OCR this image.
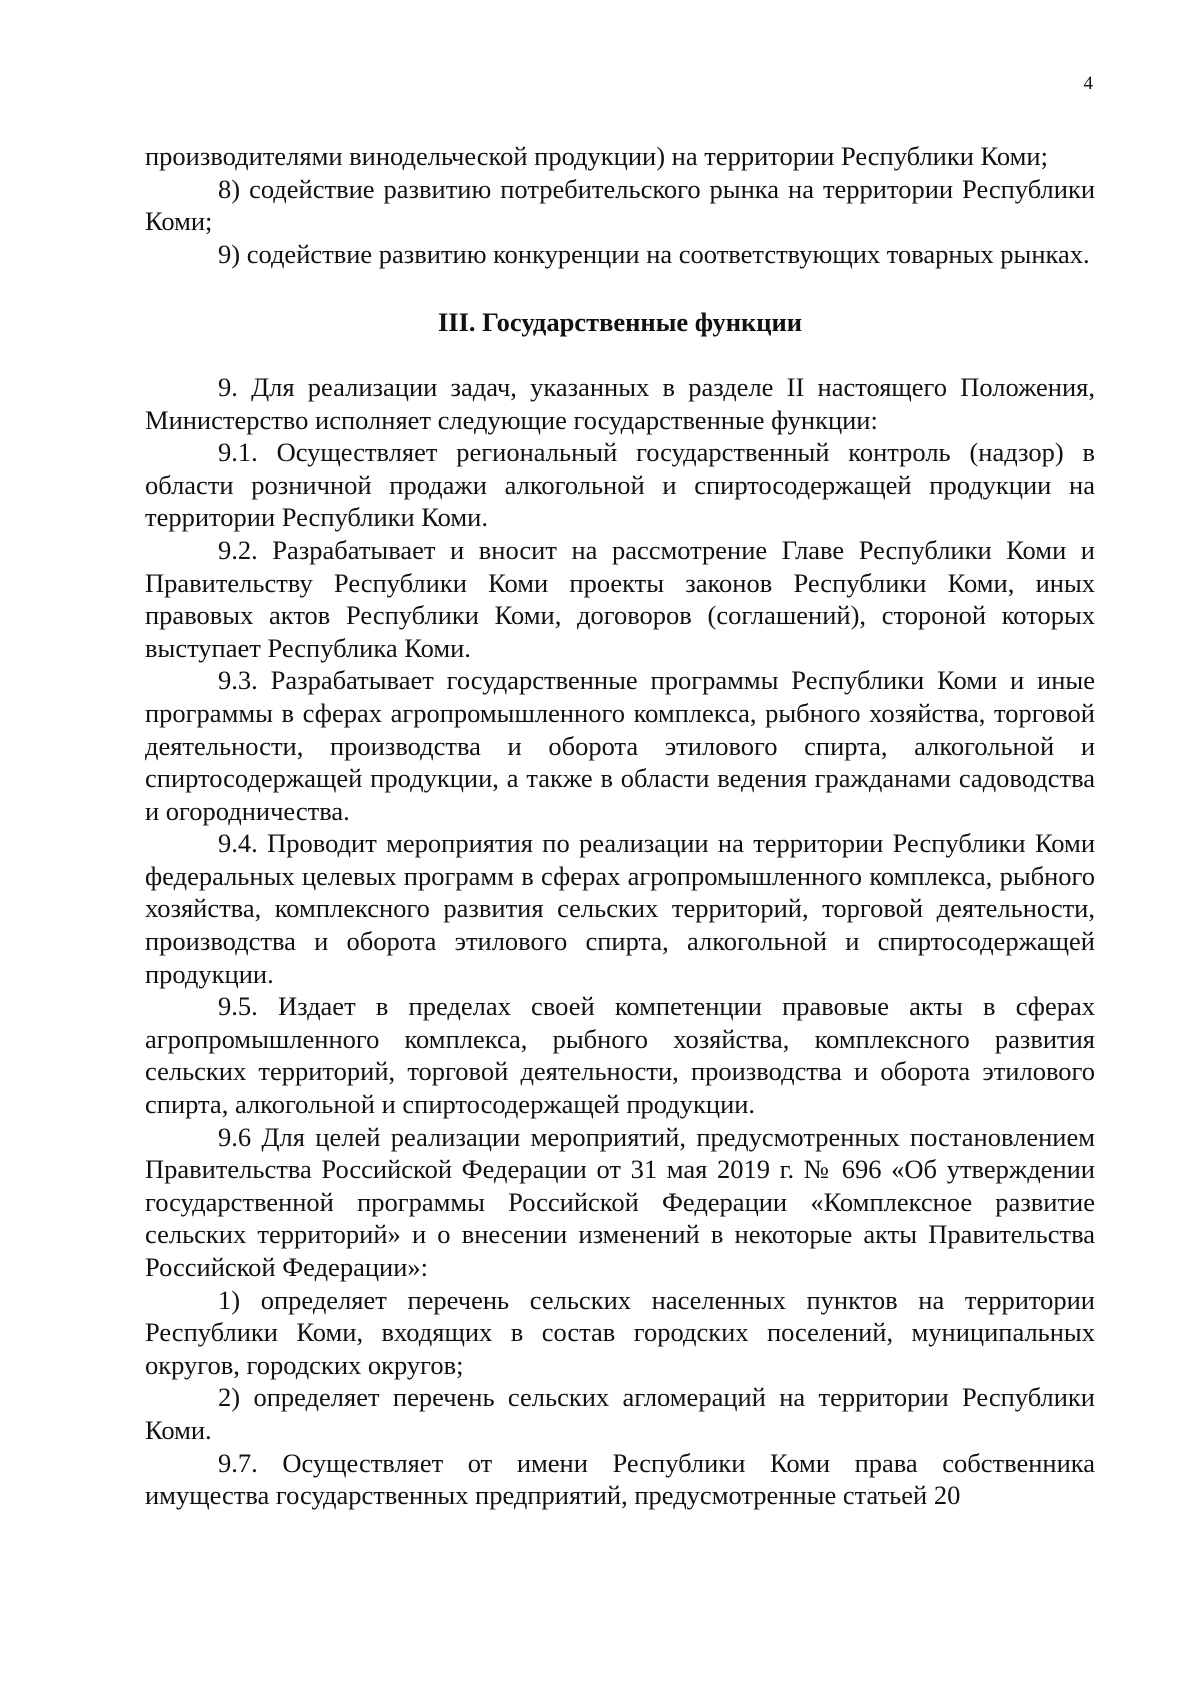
4

производителями винодельческой продукции) на территории Республики Коми;

8) содействие развитию потребительского рынка на территории Республики Коми;

9) содействие развитию конкуренции на соответствующих товарных рынках.

III. Государственные функции

9. Для реализации задач, указанных в разделе II настоящего Положения, Министерство исполняет следующие государственные функции:

9.1. Осуществляет региональный государственный контроль (надзор) в области розничной продажи алкогольной и спиртосодержащей продукции на территории Республики Коми.

9.2. Разрабатывает и вносит на рассмотрение Главе Республики Коми и Правительству Республики Коми проекты законов Республики Коми, иных правовых актов Республики Коми, договоров (соглашений), стороной которых выступает Республика Коми.

9.3. Разрабатывает государственные программы Республики Коми и иные программы в сферах агропромышленного комплекса, рыбного хозяйства, торговой деятельности, производства и оборота этилового спирта, алкогольной и спиртосодержащей продукции, а также в области ведения гражданами садоводства и огородничества.

9.4. Проводит мероприятия по реализации на территории Республики Коми федеральных целевых программ в сферах агропромышленного комплекса, рыбного хозяйства, комплексного развития сельских территорий, торговой деятельности, производства и оборота этилового спирта, алкогольной и спиртосодержащей продукции.

9.5. Издает в пределах своей компетенции правовые акты в сферах агропромышленного комплекса, рыбного хозяйства, комплексного развития сельских территорий, торговой деятельности, производства и оборота этилового спирта, алкогольной и спиртосодержащей продукции.

9.6 Для целей реализации мероприятий, предусмотренных постановлением Правительства Российской Федерации от 31 мая 2019 г. № 696 «Об утверждении государственной программы Российской Федерации «Комплексное развитие сельских территорий» и о внесении изменений в некоторые акты Правительства Российской Федерации»:

1) определяет перечень сельских населенных пунктов на территории Республики Коми, входящих в состав городских поселений, муниципальных округов, городских округов;

2) определяет перечень сельских агломераций на территории Республики Коми.

9.7. Осуществляет от имени Республики Коми права собственника имущества государственных предприятий, предусмотренные статьей 20
